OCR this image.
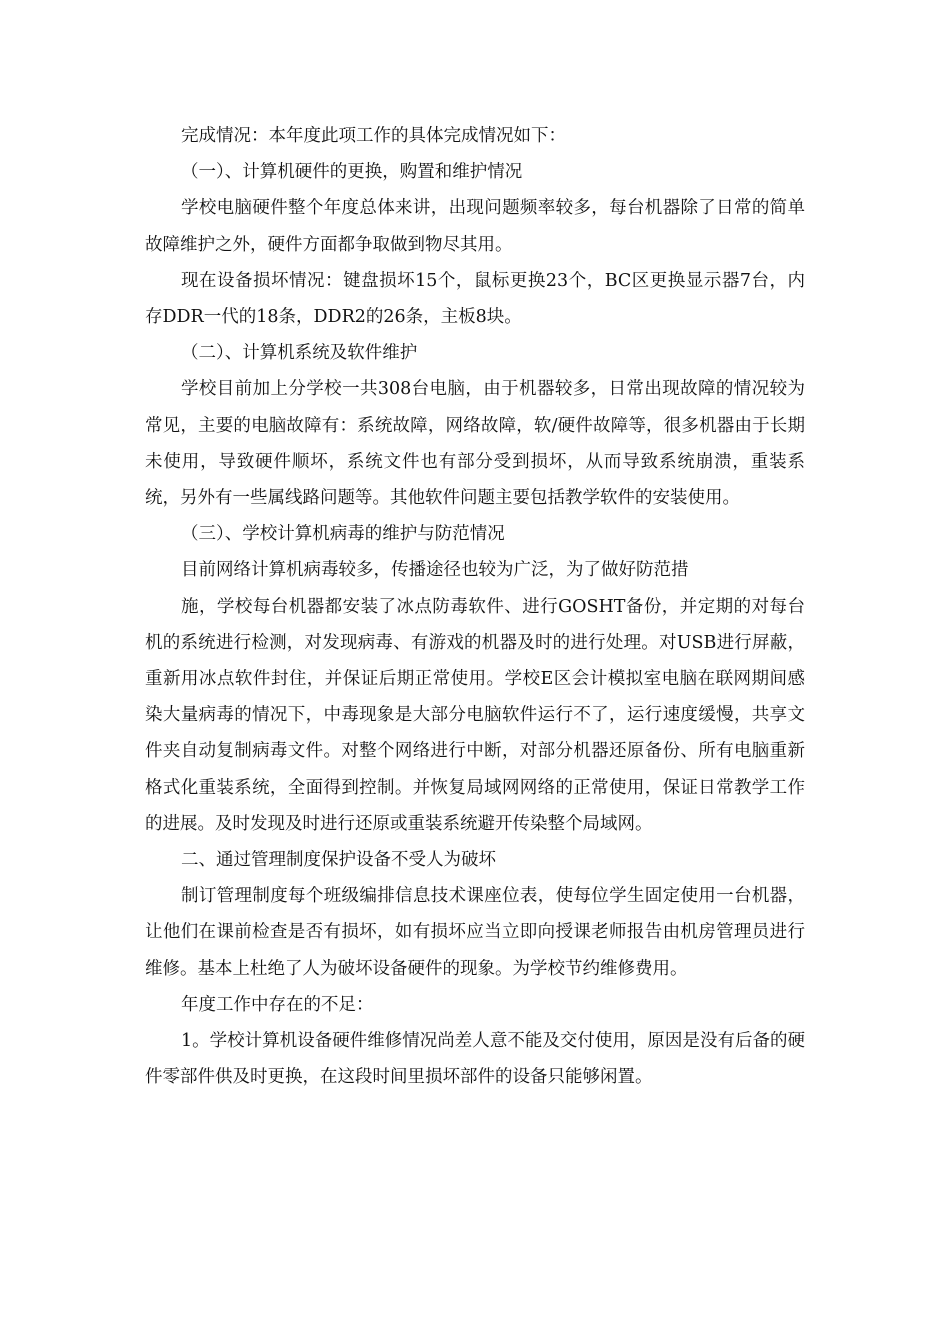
完成情况：本年度此项工作的具体完成情况如下：

（一）、计算机硬件的更换，购置和维护情况

学校电脑硬件整个年度总体来讲，出现问题频率较多，每台机器除了日常的简单故障维护之外，硬件方面都争取做到物尽其用。

现在设备损坏情况：键盘损坏15个，鼠标更换23个，BC区更换显示器7台，内存DDR一代的18条，DDR2的26条，主板8块。

（二）、计算机系统及软件维护

学校目前加上分学校一共308台电脑，由于机器较多，日常出现故障的情况较为常见，主要的电脑故障有：系统故障，网络故障，软/硬件故障等，很多机器由于长期未使用，导致硬件顺坏，系统文件也有部分受到损坏，从而导致系统崩溃，重装系统，另外有一些属线路问题等。其他软件问题主要包括教学软件的安装使用。

（三）、学校计算机病毒的维护与防范情况

目前网络计算机病毒较多，传播途径也较为广泛，为了做好防范措

施，学校每台机器都安装了冰点防毒软件、进行GOSHT备份，并定期的对每台机的系统进行检测，对发现病毒、有游戏的机器及时的进行处理。对USB进行屏蔽，重新用冰点软件封住，并保证后期正常使用。学校E区会计模拟室电脑在联网期间感染大量病毒的情况下，中毒现象是大部分电脑软件运行不了，运行速度缓慢，共享文件夹自动复制病毒文件。对整个网络进行中断，对部分机器还原备份、所有电脑重新格式化重装系统，全面得到控制。并恢复局域网网络的正常使用，保证日常教学工作的进展。及时发现及时进行还原或重装系统避开传染整个局域网。

二、通过管理制度保护设备不受人为破坏

制订管理制度每个班级编排信息技术课座位表，使每位学生固定使用一台机器，让他们在课前检查是否有损坏，如有损坏应当立即向授课老师报告由机房管理员进行维修。基本上杜绝了人为破坏设备硬件的现象。为学校节约维修费用。

年度工作中存在的不足：

1。学校计算机设备硬件维修情况尚差人意不能及交付使用，原因是没有后备的硬件零部件供及时更换，在这段时间里损坏部件的设备只能够闲置。
